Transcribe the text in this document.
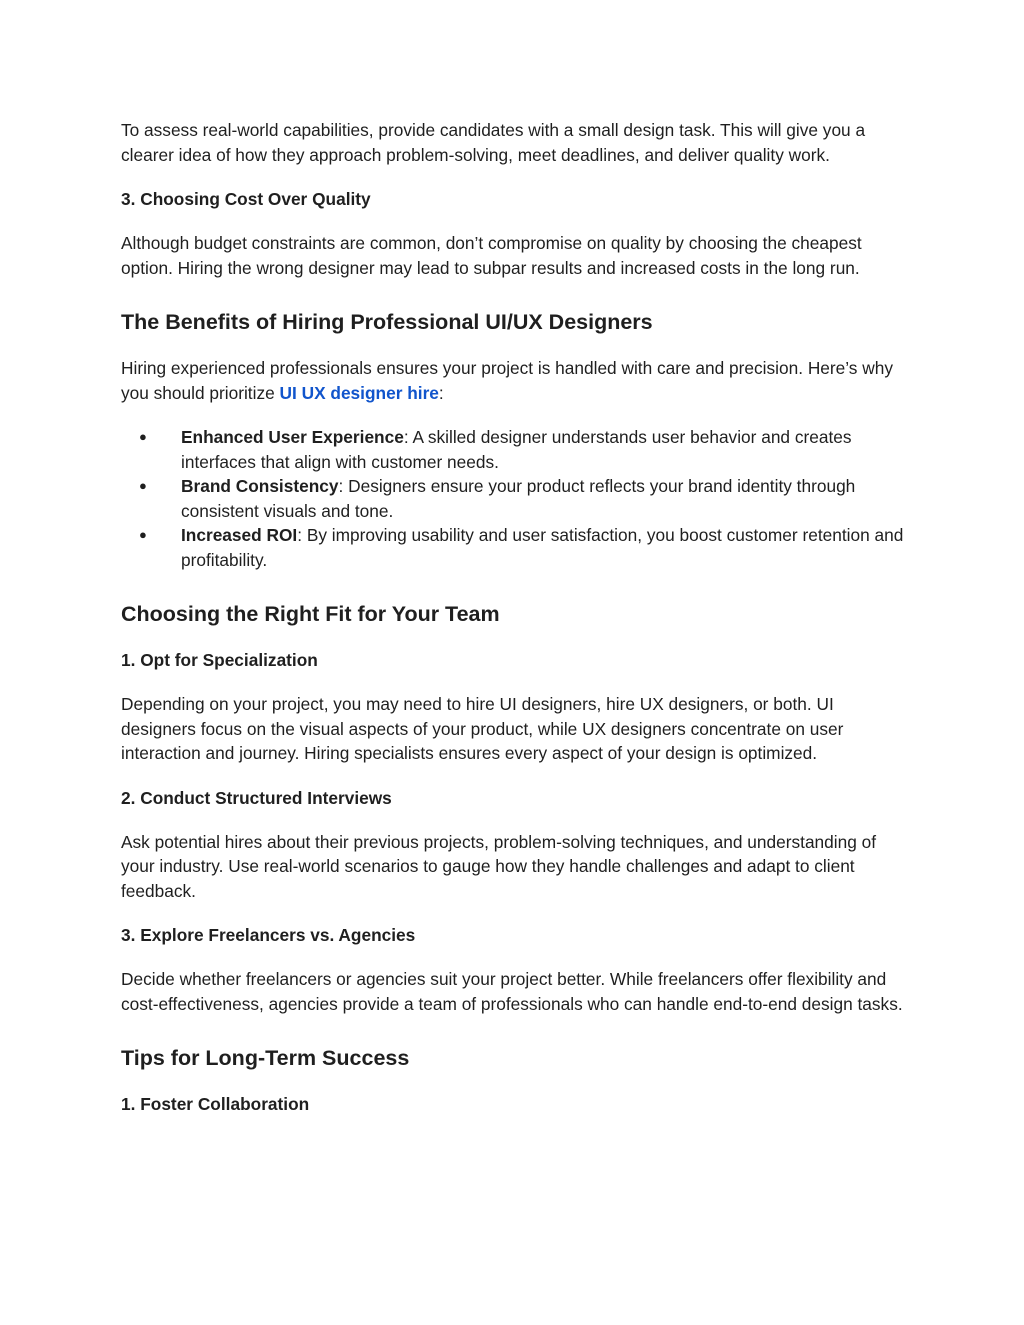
To assess real-world capabilities, provide candidates with a small design task. This will give you a clearer idea of how they approach problem-solving, meet deadlines, and deliver quality work.

3. Choosing Cost Over Quality

Although budget constraints are common, don’t compromise on quality by choosing the cheapest option. Hiring the wrong designer may lead to subpar results and increased costs in the long run.

The Benefits of Hiring Professional UI/UX Designers

Hiring experienced professionals ensures your project is handled with care and precision. Here’s why you should prioritize UI UX designer hire:

● Enhanced User Experience: A skilled designer understands user behavior and creates interfaces that align with customer needs.
● Brand Consistency: Designers ensure your product reflects your brand identity through consistent visuals and tone.
● Increased ROI: By improving usability and user satisfaction, you boost customer retention and profitability.
Choosing the Right Fit for Your Team
1. Opt for Specialization

Depending on your project, you may need to hire UI designers, hire UX designers, or both. UI designers focus on the visual aspects of your product, while UX designers concentrate on user interaction and journey. Hiring specialists ensures every aspect of your design is optimized.

2. Conduct Structured Interviews

Ask potential hires about their previous projects, problem-solving techniques, and understanding of your industry. Use real-world scenarios to gauge how they handle challenges and adapt to client feedback.

3. Explore Freelancers vs. Agencies

Decide whether freelancers or agencies suit your project better. While freelancers offer flexibility and cost-effectiveness, agencies provide a team of professionals who can handle end-to-end design tasks.

Tips for Long-Term Success
1. Foster Collaboration
